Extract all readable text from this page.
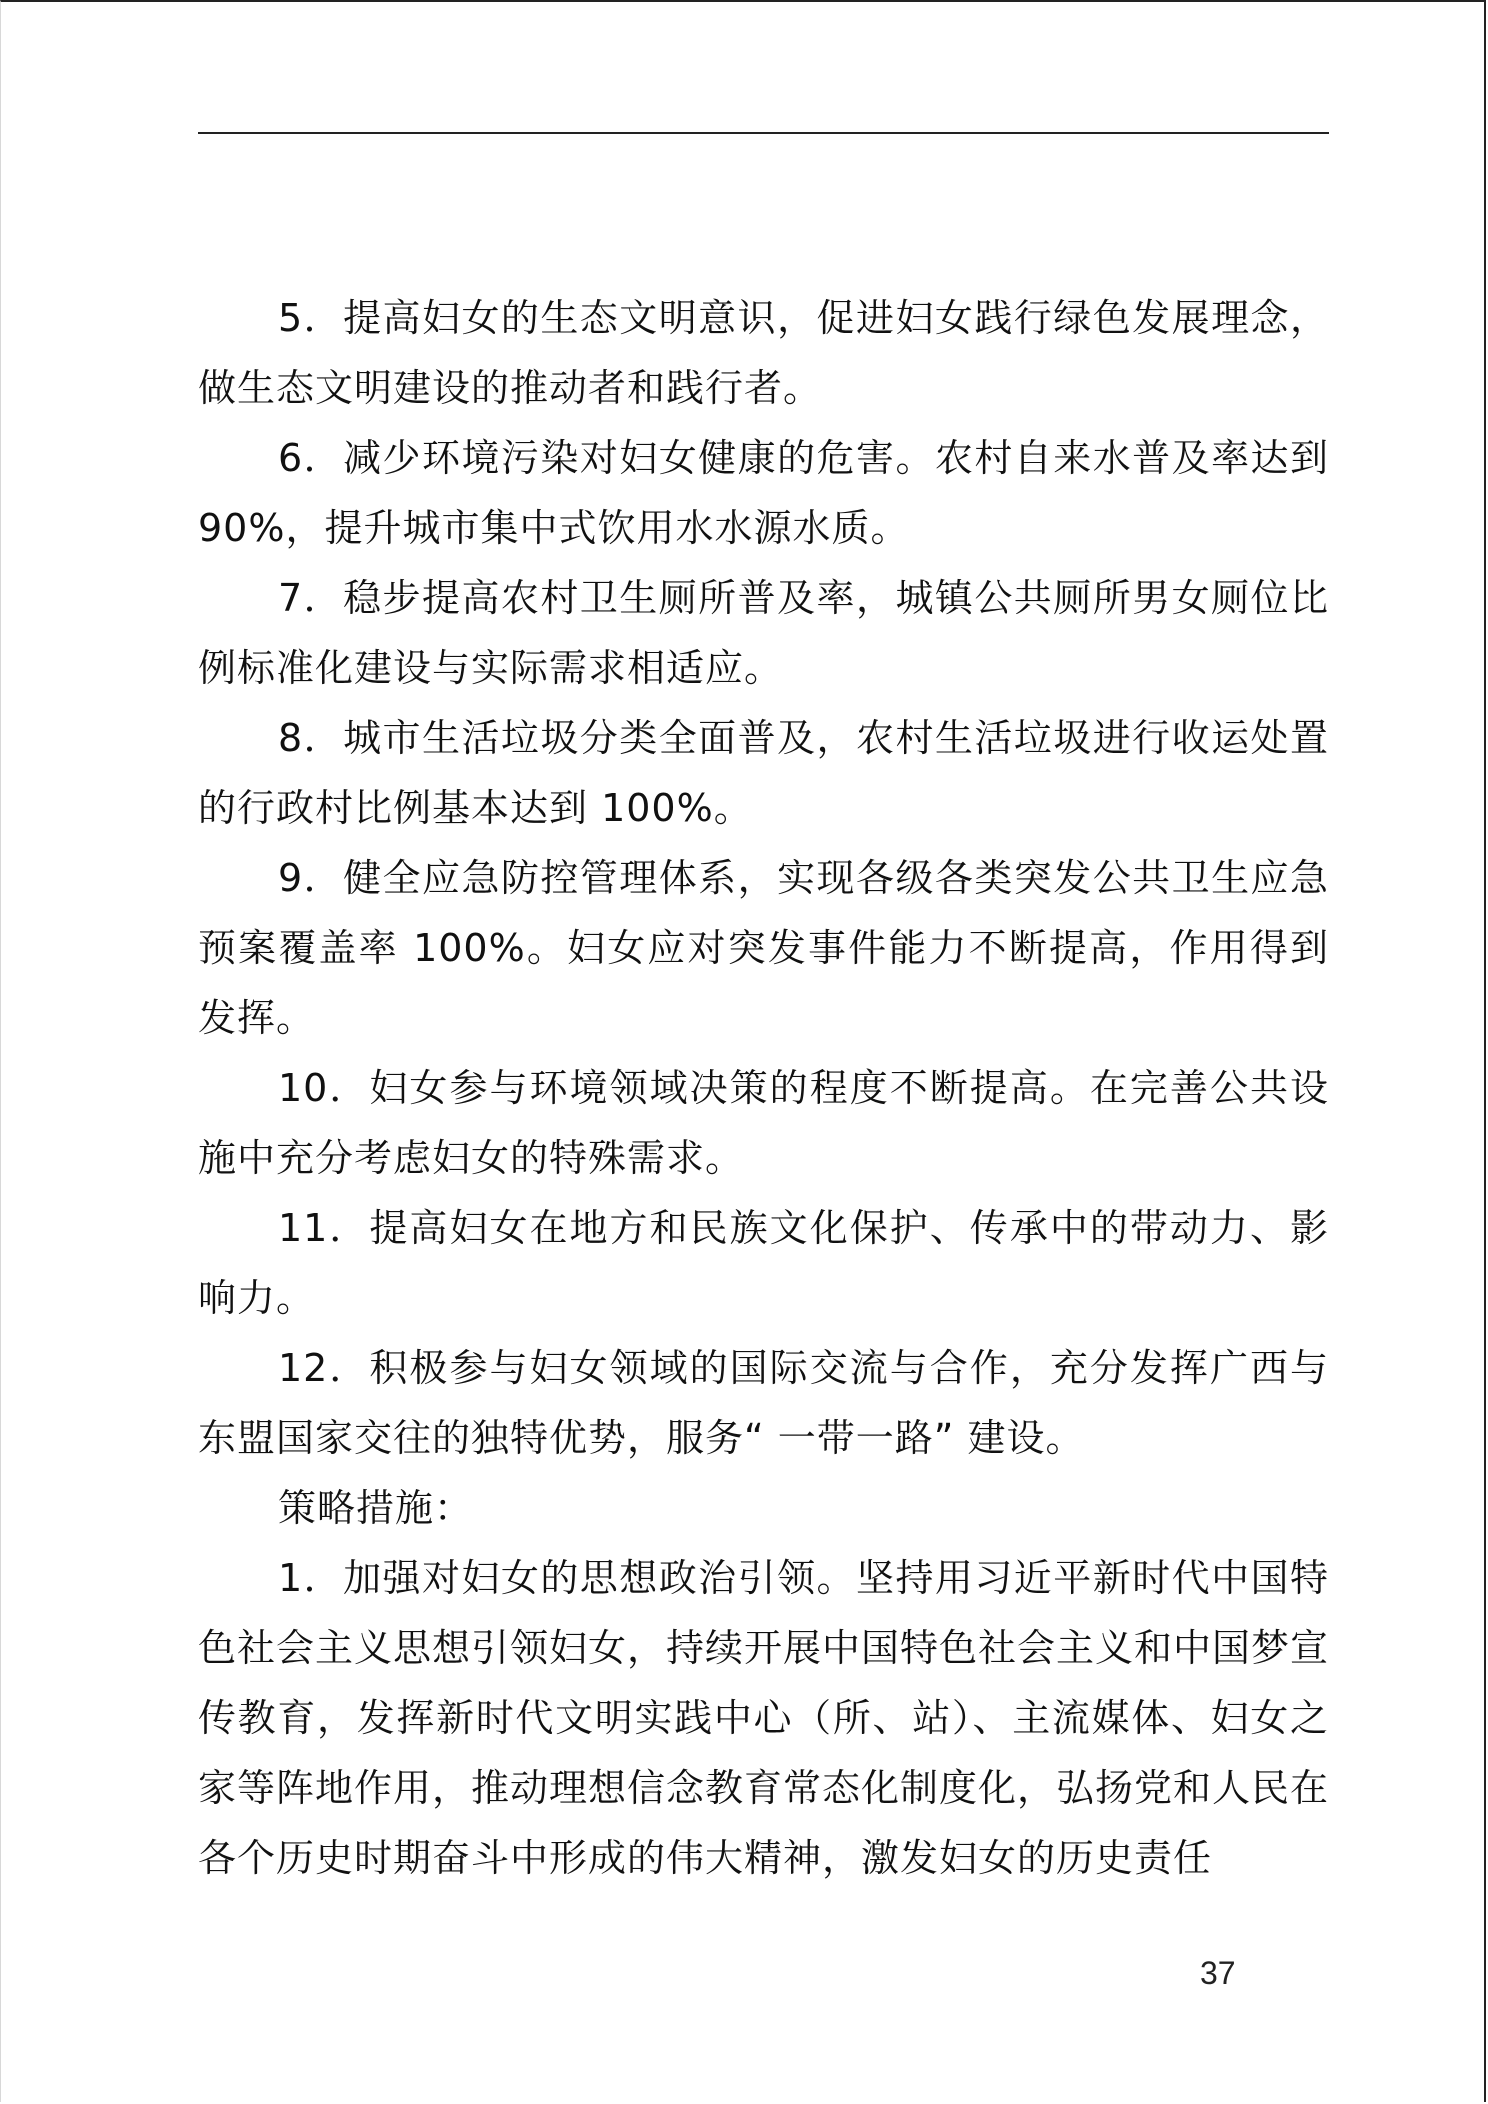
5．提高妇女的生态文明意识，促进妇女践行绿色发展理念，做生态文明建设的推动者和践行者。

6．减少环境污染对妇女健康的危害。农村自来水普及率达到90%，提升城市集中式饮用水水源水质。

7．稳步提高农村卫生厕所普及率，城镇公共厕所男女厕位比例标准化建设与实际需求相适应。

8．城市生活垃圾分类全面普及，农村生活垃圾进行收运处置的行政村比例基本达到 100%。

9．健全应急防控管理体系，实现各级各类突发公共卫生应急预案覆盖率 100%。妇女应对突发事件能力不断提高，作用得到发挥。

10．妇女参与环境领域决策的程度不断提高。在完善公共设施中充分考虑妇女的特殊需求。

11．提高妇女在地方和民族文化保护、传承中的带动力、影响力。

12．积极参与妇女领域的国际交流与合作，充分发挥广西与东盟国家交往的独特优势，服务“ 一带一路” 建设。

策略措施：

1．加强对妇女的思想政治引领。坚持用习近平新时代中国特色社会主义思想引领妇女，持续开展中国特色社会主义和中国梦宣传教育，发挥新时代文明实践中心（所、站）、主流媒体、妇女之家等阵地作用，推动理想信念教育常态化制度化，弘扬党和人民在各个历史时期奋斗中形成的伟大精神，激发妇女的历史责任

37
